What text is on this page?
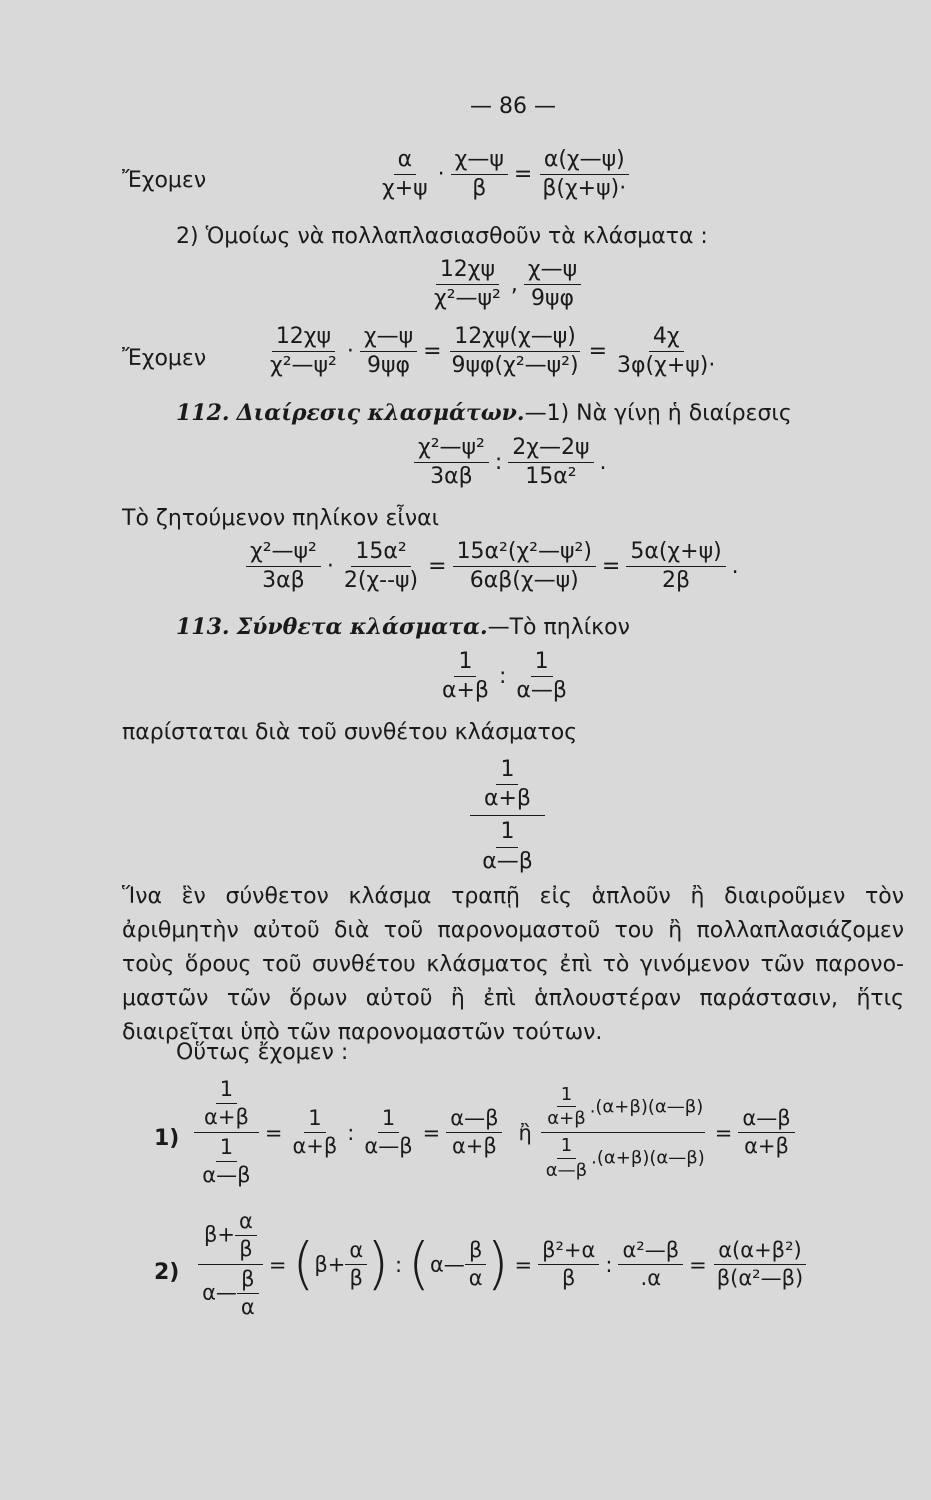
— 86 —
Ἔχομεν	$\frac{\alpha}{\chi+\psi} \cdot \frac{\chi—\psi}{\beta} = \frac{\alpha(\chi—\psi)}{\beta(\chi+\psi)\cdot}$
2) Ὁμοίως νὰ πολλαπλασιασθοῦν τὰ κλάσματα :
$\frac{12\chi\psi}{\text{χ²—ψ²}}$ , $\frac{\chi—\psi}{9\psi\varphi}$
Ἔχομεν	$\frac{12\chi\psi}{\text{χ²—ψ²}} \cdot \frac{\chi—\psi}{9\psi\varphi} = \frac{12\chi\psi(\chi—\psi)}{\text{9ψφ(χ²—ψ²)}} = \frac{4\chi}{3\varphi(\chi+\psi)\cdot}$
112. Διαίρεσις κλασμάτων.—1) Νὰ γίνῃ ἡ διαίρεσις
$\frac{\text{χ²—ψ²}}{3\alpha\beta}$ : $\frac{2\chi—2\psi}{\text{15α²}}$ .
Τὸ ζητούμενον πηλίκον εἶναι
$\frac{\text{χ²—ψ²}}{3\alpha\beta} \cdot \frac{\text{15α²}}{2(\chi--\psi)} = \frac{\text{15α²(χ²—ψ²)}}{6\alpha\beta(\chi—\psi)} = \frac{5\alpha(\chi+\psi)}{2\beta}$ .
113. Σύνθετα κλάσματα.—Τὸ πηλίκον
$\frac{1}{\alpha+\beta}$ : $\frac{1}{\alpha—\beta}$
παρίσταται διὰ τοῦ συνθέτου κλάσματος
$\frac{\frac{1}{\alpha+\beta}}{\frac{1}{\alpha—\beta}}$
Ἵνα ἓν σύνθετον κλάσμα τραπῇ εἰς ἁπλοῦν ἢ διαιροῦμεν τὸν
ἀριθμητὴν αὐτοῦ διὰ τοῦ παρονομαστοῦ του ἢ πολλαπλασιάζομεν
τοὺς ὅρους τοῦ συνθέτου κλάσματος ἐπὶ τὸ γινόμενον τῶν παρονο-
μαστῶν τῶν ὅρων αὐτοῦ ἢ ἐπὶ ἁπλουστέραν παράστασιν, ἥτις
διαιρεῖται ὑπὸ τῶν παρονομαστῶν τούτων.
Οὕτως ἔχομεν :
$1) \frac{\frac{1}{\alpha+\beta}}{\frac{1}{\alpha—\beta}} = \frac{1}{\alpha+\beta}$ : $\frac{1}{\alpha—\beta} = \frac{\alpha—\beta}{\alpha+\beta}$ ἢ $\frac{\frac{1}{\alpha+\beta} .(\alpha+\beta)(\alpha—\beta)}{\frac{1}{\alpha—\beta} .(\alpha+\beta)(\alpha—\beta)} = \frac{\alpha—\beta}{\alpha+\beta}$
$2) \frac{\beta+ \frac{\alpha}{\beta}}{\alpha— \frac{\beta}{\alpha}} = (\beta+ \frac{\alpha}{\beta}$ ) : (α— $\frac{\beta}{\alpha}$ ) = $\frac{\text{β²+α}}{\beta}$ : $\frac{\text{α²—β}}{.\alpha} = \frac{\text{α(α+β²)}}{\text{β(α²—β)}}$
